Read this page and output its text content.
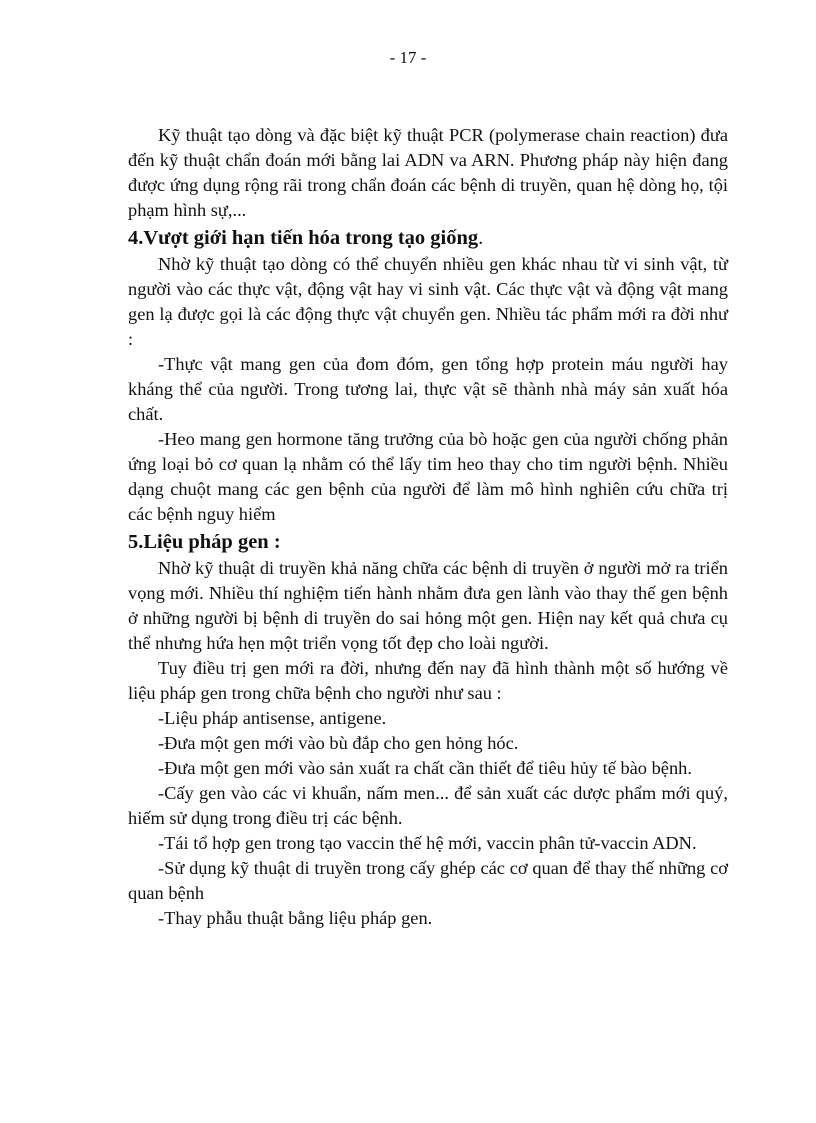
- 17 -

Kỹ thuật tạo dòng và đặc biệt kỹ thuật PCR (polymerase chain reaction) đưa đến kỹ thuật chẩn đoán mới bằng lai ADN va ARN. Phương pháp này hiện đang được ứng dụng rộng rãi trong chẩn đoán các bệnh di truyền, quan hệ dòng họ, tội phạm hình sự,...

4.Vượt giới hạn tiến hóa trong tạo giống.

Nhờ kỹ thuật tạo dòng có thể chuyển nhiều gen khác nhau từ vi sinh vật, từ người vào các thực vật, động vật hay vi sinh vật. Các thực vật và động vật mang gen lạ được gọi là các động thực vật chuyển gen. Nhiều tác phẩm mới ra đời như :

-Thực vật mang gen của đom đóm, gen tổng hợp protein máu người hay kháng thể của người. Trong tương lai, thực vật sẽ thành nhà máy sản xuất hóa chất.

-Heo mang gen hormone tăng trưởng của bò hoặc gen của người chống phản ứng loại bỏ cơ quan lạ nhằm có thể lấy tim heo thay cho tim người bệnh. Nhiều dạng chuột mang các gen bệnh của người để làm mô hình nghiên cứu chữa trị các bệnh nguy hiểm

5.Liệu pháp gen :

Nhờ kỹ thuật di truyền khả năng chữa các bệnh di truyền ở người mở ra triển vọng mới. Nhiều thí nghiệm tiến hành nhằm đưa gen lành vào thay thế gen bệnh ở những người bị bệnh di truyền do sai hỏng một gen. Hiện nay kết quả chưa cụ thể nhưng hứa hẹn một triển vọng tốt đẹp cho loài người.

Tuy điều trị gen mới ra đời, nhưng đến nay đã hình thành một số hướng về liệu pháp gen trong chữa bệnh cho người như sau :

-Liệu pháp antisense, antigene.

-Đưa một gen mới vào bù đắp cho gen hỏng hóc.

-Đưa một gen mới vào sản xuất ra chất cần thiết để tiêu hủy tế bào bệnh.

-Cấy gen vào các vi khuẩn, nấm men... để sản xuất các dược phẩm mới quý, hiếm sử dụng trong điều trị các bệnh.

-Tái tổ hợp gen trong tạo vaccin thế hệ mới, vaccin phân tử-vaccin ADN.

-Sử dụng kỹ thuật di truyền trong cấy ghép các cơ quan để thay thế những cơ quan bệnh

-Thay phẫu thuật bằng liệu pháp gen.
